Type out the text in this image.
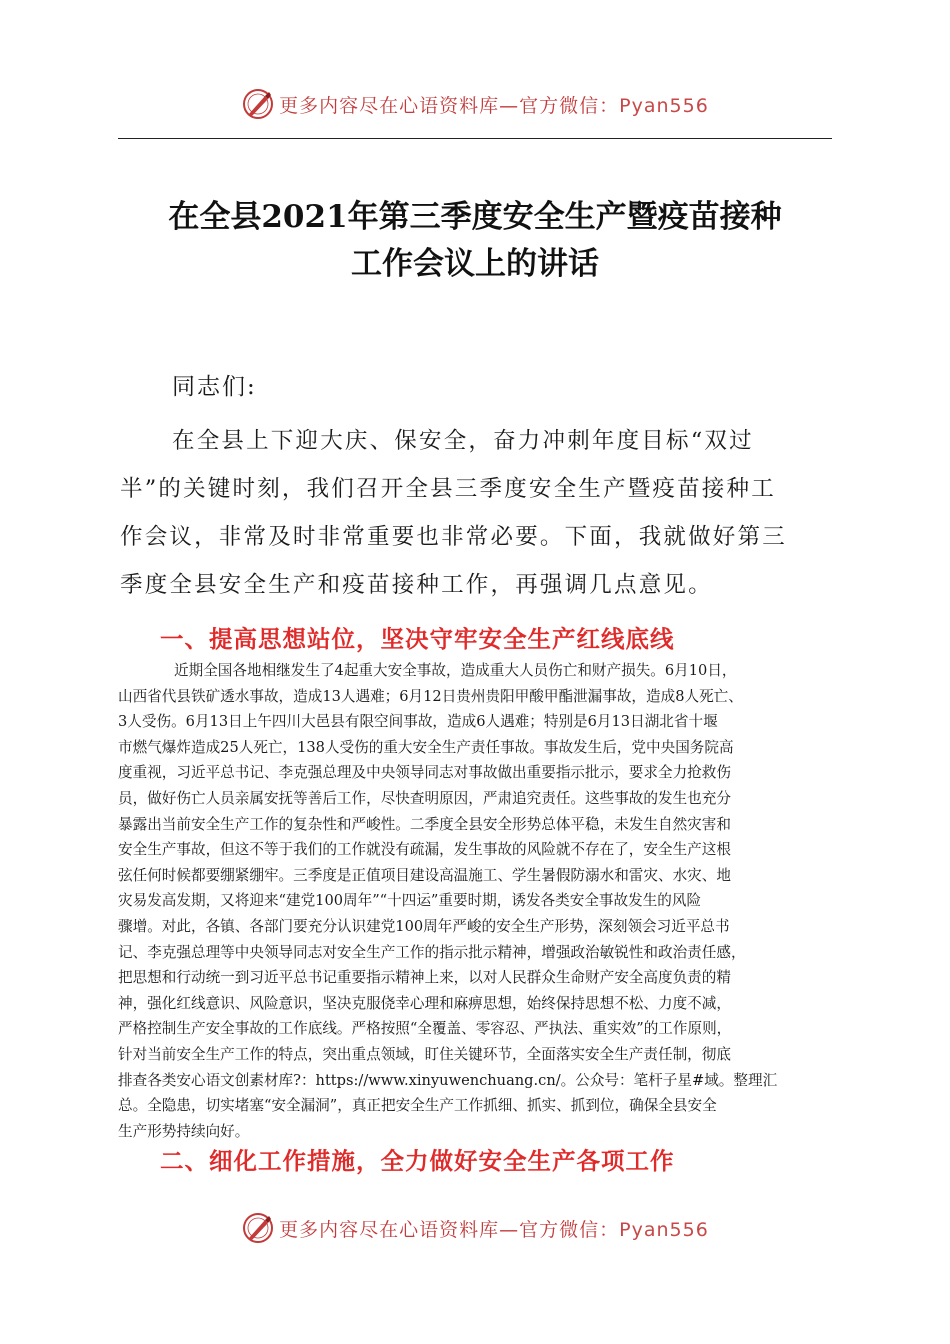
更多内容尽在心语资料库—官方微信：Pyan556
在全县2021年第三季度安全生产暨疫苗接种
工作会议上的讲话
同志们:
在全县上下迎大庆、保安全，奋力冲刺年度目标“双过
半”的关键时刻，我们召开全县三季度安全生产暨疫苗接种工
作会议，非常及时非常重要也非常必要。下面，我就做好第三
季度全县安全生产和疫苗接种工作，再强调几点意见。
一、提高思想站位，坚决守牢安全生产红线底线
近期全国各地相继发生了4起重大安全事故，造成重大人员伤亡和财产损失。6月10日，
山西省代县铁矿透水事故，造成13人遇难；6月12日贵州贵阳甲酸甲酯泄漏事故，造成8人死亡、
3人受伤。6月13日上午四川大邑县有限空间事故，造成6人遇难；特别是6月13日湖北省十堰
市燃气爆炸造成25人死亡，138人受伤的重大安全生产责任事故。事故发生后，党中央国务院高
度重视，习近平总书记、李克强总理及中央领导同志对事故做出重要指示批示，要求全力抢救伤
员，做好伤亡人员亲属安抚等善后工作，尽快查明原因，严肃追究责任。这些事故的发生也充分
暴露出当前安全生产工作的复杂性和严峻性。二季度全县安全形势总体平稳，未发生自然灾害和
安全生产事故，但这不等于我们的工作就没有疏漏，发生事故的风险就不存在了，安全生产这根
弦任何时候都要绷紧绷牢。三季度是正值项目建设高温施工、学生暑假防溺水和雷灾、水灾、地
灾易发高发期，又将迎来“建党100周年”“十四运”重要时期，诱发各类安全事故发生的风险
骤增。对此，各镇、各部门要充分认识建党100周年严峻的安全生产形势，深刻领会习近平总书
记、李克强总理等中央领导同志对安全生产工作的指示批示精神，增强政治敏锐性和政治责任感，
把思想和行动统一到习近平总书记重要指示精神上来，以对人民群众生命财产安全高度负责的精
神，强化红线意识、风险意识，坚决克服侥幸心理和麻痹思想，始终保持思想不松、力度不减，
严格控制生产安全事故的工作底线。严格按照“全覆盖、零容忍、严执法、重实效”的工作原则，
针对当前安全生产工作的特点，突出重点领域，盯住关键环节，全面落实安全生产责任制，彻底
排查各类安心语文创素材库?：https://www.xinyuwenchuang.cn/。公众号：笔杆子星#域。整理汇
总。全隐患，切实堵塞“安全漏洞”，真正把安全生产工作抓细、抓实、抓到位，确保全县安全
生产形势持续向好。
二、细化工作措施，全力做好安全生产各项工作
更多内容尽在心语资料库—官方微信：Pyan556
